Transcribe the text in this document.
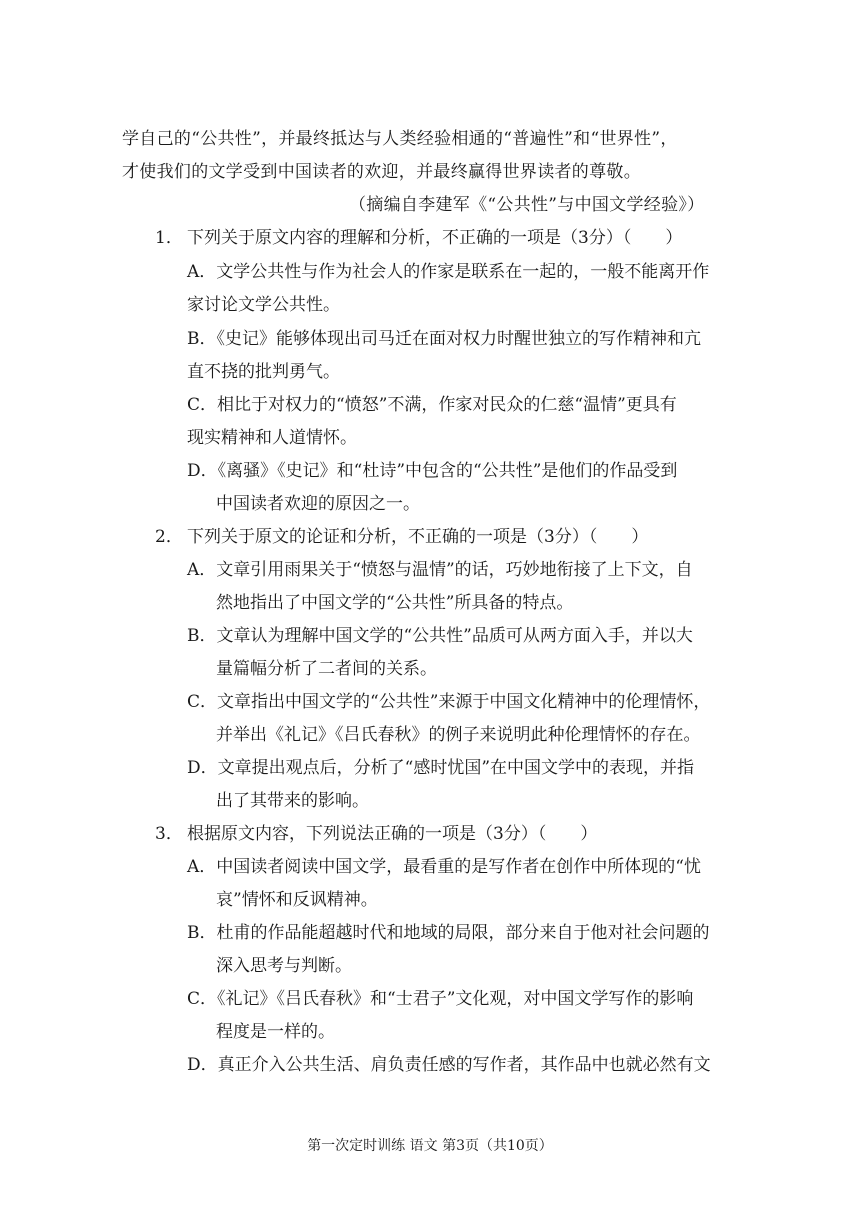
学自己的“公共性”，并最终抵达与人类经验相通的“普遍性”和“世界性”，
才使我们的文学受到中国读者的欢迎，并最终赢得世界读者的尊敬。
（摘编自李建军《“公共性”与中国文学经验》）
1． 下列关于原文内容的理解和分析，不正确的一项是（3分）（　　）
A．文学公共性与作为社会人的作家是联系在一起的，一般不能离开作
家讨论文学公共性。
B．《史记》能够体现出司马迁在面对权力时醒世独立的写作精神和亢
直不挠的批判勇气。
C．相比于对权力的“愤怒”不满，作家对民众的仁慈“温情”更具有
现实精神和人道情怀。
D．《离骚》《史记》和“杜诗”中包含的“公共性”是他们的作品受到
中国读者欢迎的原因之一。
2． 下列关于原文的论证和分析，不正确的一项是（3分）（　　）
A．文章引用雨果关于“愤怒与温情”的话，巧妙地衔接了上下文，自
然地指出了中国文学的“公共性”所具备的特点。
B．文章认为理解中国文学的“公共性”品质可从两方面入手，并以大
量篇幅分析了二者间的关系。
C．文章指出中国文学的“公共性”来源于中国文化精神中的伦理情怀，
并举出《礼记》《吕氏春秋》的例子来说明此种伦理情怀的存在。
D．文章提出观点后，分析了“感时忧国”在中国文学中的表现，并指
出了其带来的影响。
3． 根据原文内容，下列说法正确的一项是（3分）（　　）
A．中国读者阅读中国文学，最看重的是写作者在创作中所体现的“忧
哀”情怀和反讽精神。
B．杜甫的作品能超越时代和地域的局限，部分来自于他对社会问题的
深入思考与判断。
C．《礼记》《吕氏春秋》和“士君子”文化观，对中国文学写作的影响
程度是一样的。
D．真正介入公共生活、肩负责任感的写作者，其作品中也就必然有文
第一次定时训练 语文 第3页（共10页）
